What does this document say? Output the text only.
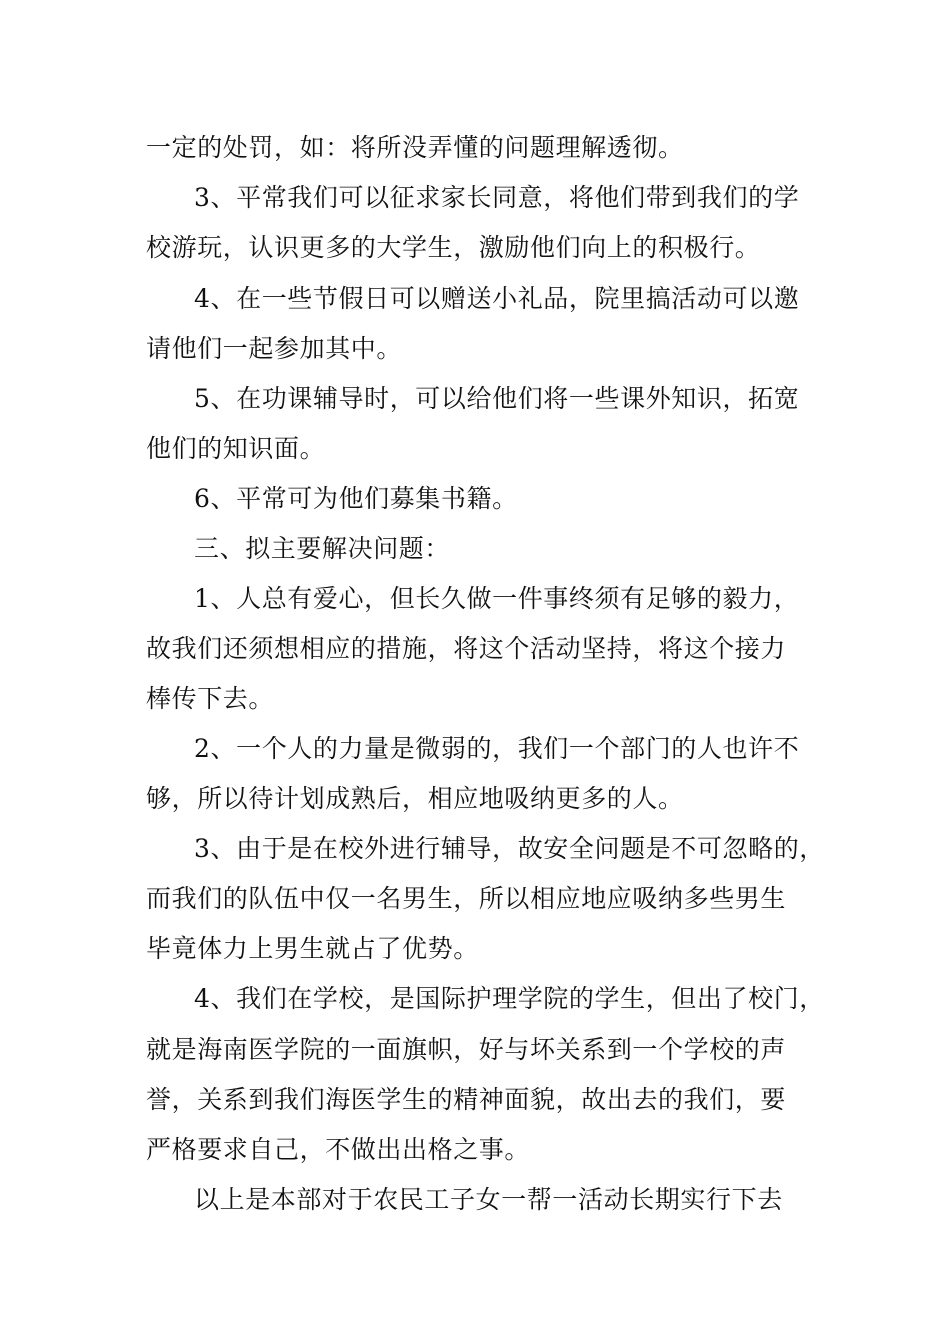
一定的处罚，如：将所没弄懂的问题理解透彻。
3、平常我们可以征求家长同意，将他们带到我们的学
校游玩，认识更多的大学生，激励他们向上的积极行。
4、在一些节假日可以赠送小礼品，院里搞活动可以邀
请他们一起参加其中。
5、在功课辅导时，可以给他们将一些课外知识，拓宽
他们的知识面。
6、平常可为他们募集书籍。
三、拟主要解决问题：
1、人总有爱心，但长久做一件事终须有足够的毅力，
故我们还须想相应的措施，将这个活动坚持，将这个接力
棒传下去。
2、一个人的力量是微弱的，我们一个部门的人也许不
够，所以待计划成熟后，相应地吸纳更多的人。
3、由于是在校外进行辅导，故安全问题是不可忽略的，
而我们的队伍中仅一名男生，所以相应地应吸纳多些男生
毕竟体力上男生就占了优势。
4、我们在学校，是国际护理学院的学生，但出了校门，
就是海南医学院的一面旗帜，好与坏关系到一个学校的声
誉，关系到我们海医学生的精神面貌，故出去的我们，要
严格要求自己，不做出出格之事。
以上是本部对于农民工子女一帮一活动长期实行下去
